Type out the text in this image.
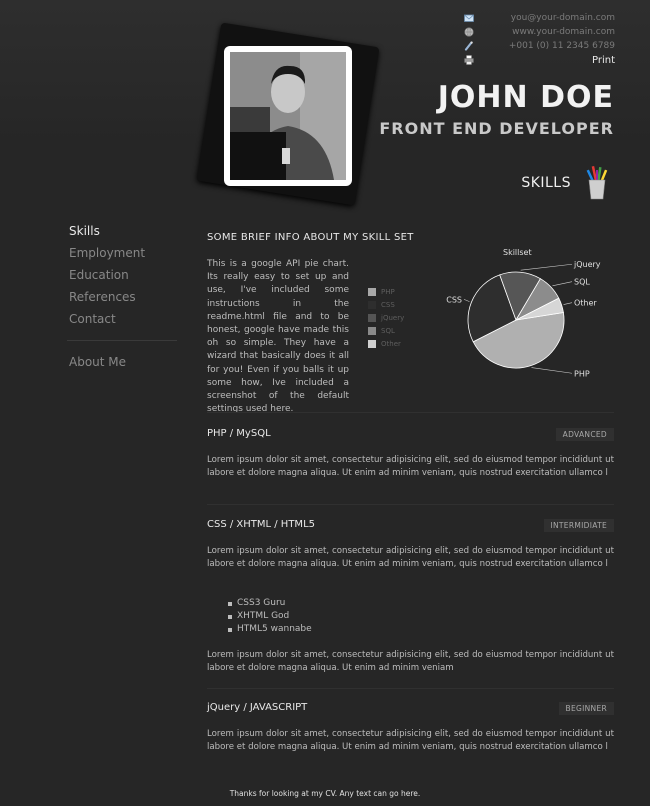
you@your-domain.com
www.your-domain.com
+001 (0) 11 2345 6789
Print
JOHN DOE
FRONT END DEVELOPER
SKILLS
Skills
Employment
Education
References
Contact
About Me
SOME BRIEF INFO ABOUT MY SKILL SET
This is a google API pie chart. Its really easy to set up and use, I've included some instructions in the readme.html file and to be honest, google have made this oh so simple. They have a wizard that basically does it all for you! Even if you balls it up some how, Ive included a screenshot of the default settings used here.
PHP
CSS
jQuery
SQL
Other
Skillset
PHP
CSS
jQuery
SQL
Other
PHP / MySQL	ADVANCED
Lorem ipsum dolor sit amet, consectetur adipisicing elit, sed do eiusmod tempor incididunt ut labore et dolore magna aliqua. Ut enim ad minim veniam, quis nostrud exercitation ullamco l
CSS / XHTML / HTML5	INTERMIDIATE
Lorem ipsum dolor sit amet, consectetur adipisicing elit, sed do eiusmod tempor incididunt ut labore et dolore magna aliqua. Ut enim ad minim veniam, quis nostrud exercitation ullamco l
CSS3 Guru
XHTML God
HTML5 wannabe
Lorem ipsum dolor sit amet, consectetur adipisicing elit, sed do eiusmod tempor incididunt ut labore et dolore magna aliqua. Ut enim ad minim veniam
jQuery / JAVASCRIPT	BEGINNER
Lorem ipsum dolor sit amet, consectetur adipisicing elit, sed do eiusmod tempor incididunt ut labore et dolore magna aliqua. Ut enim ad minim veniam, quis nostrud exercitation ullamco l
Thanks for looking at my CV. Any text can go here.
